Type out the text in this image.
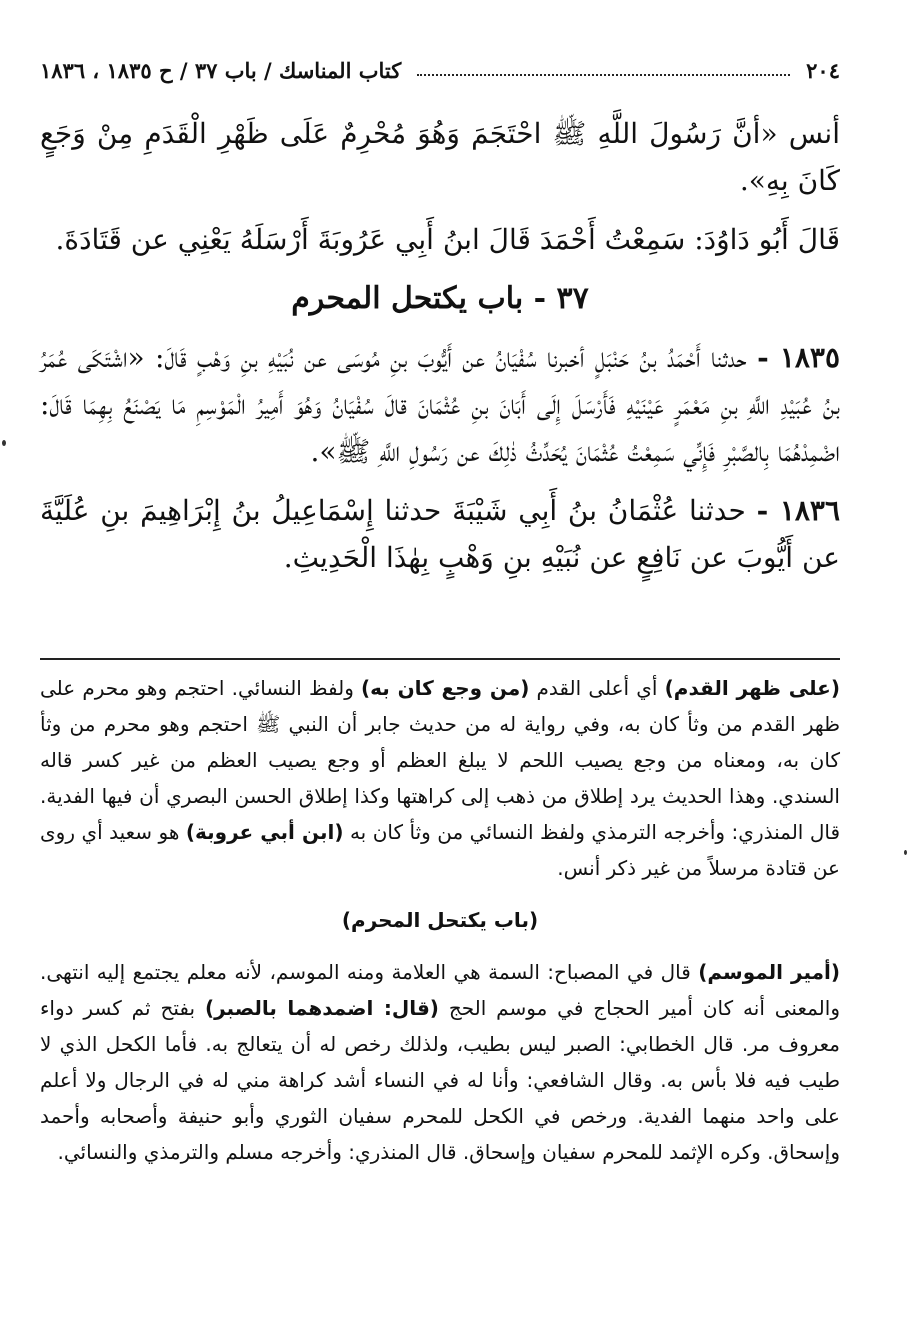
٢٠٤
كتاب المناسك / باب ٣٧ / ح ١٨٣٥ ، ١٨٣٦

أنس «أنَّ رَسُولَ اللَّهِ ﷺ احْتَجَمَ وَهُوَ مُحْرِمٌ عَلَى ظَهْرِ الْقَدَمِ مِنْ وَجَعٍ كَانَ بِهِ».

قَالَ أَبُو دَاوُدَ: سَمِعْتُ أَحْمَدَ قَالَ ابنُ أَبِي عَرُوبَةَ أَرْسَلَهُ يَعْنِي عن قَتَادَةَ.

٣٧ - باب يكتحل المحرم

١٨٣٥ - حدثنا أَحْمَدُ بنُ حَنْبَلٍ أخبرنا سُفْيَانُ عن أَيُّوبَ بنِ مُوسَى عن نُبَيْهِ بنِ وَهْبٍ قَالَ: «اشْتَكَى عُمَرُ بنُ عُبَيْدِ اللَّهِ بنِ مَعْمَرٍ عَيْنَيْهِ فَأَرْسَلَ إِلَى أَبَانَ بنِ عُثْمَانَ قالَ سُفْيَانُ وَهُوَ أَمِيرُ الْمَوْسِمِ مَا يَصْنَعُ بِهِمَا قَالَ: اضْمِدْهُمَا بِالصَّبْرِ فَإِنِّي سَمِعْتُ عُثْمَانَ يُحَدِّثُ ذٰلِكَ عن رَسُولِ اللَّهِ ﷺ».

١٨٣٦ - حدثنا عُثْمَانُ بنُ أَبِي شَيْبَةَ حدثنا إِسْمَاعِيلُ بنُ إِبْرَاهِيمَ بنِ عُلَيَّةَ عن أَيُّوبَ عن نَافِعٍ عن نُبَيْهِ بنِ وَهْبٍ بِهٰذَا الْحَدِيثِ.

(على ظهر القدم) أي أعلى القدم (من وجع كان به) ولفظ النسائي. احتجم وهو محرم على ظهر القدم من وثأ كان به، وفي رواية له من حديث جابر أن النبي ﷺ احتجم وهو محرم من وثأ كان به، ومعناه من وجع يصيب اللحم لا يبلغ العظم أو وجع يصيب العظم من غير كسر قاله السندي. وهذا الحديث يرد إطلاق من ذهب إلى كراهتها وكذا إطلاق الحسن البصري أن فيها الفدية. قال المنذري: وأخرجه الترمذي ولفظ النسائي من وثأ كان به (ابن أبي عروبة) هو سعيد أي روى عن قتادة مرسلاً من غير ذكر أنس.

(باب يكتحل المحرم)

(أمير الموسم) قال في المصباح: السمة هي العلامة ومنه الموسم، لأنه معلم يجتمع إليه انتهى. والمعنى أنه كان أمير الحجاج في موسم الحج (قال: اضمدهما بالصبر) بفتح ثم كسر دواء معروف مر. قال الخطابي: الصبر ليس بطيب، ولذلك رخص له أن يتعالج به. فأما الكحل الذي لا طيب فيه فلا بأس به. وقال الشافعي: وأنا له في النساء أشد كراهة مني له في الرجال ولا أعلم على واحد منهما الفدية. ورخص في الكحل للمحرم سفيان الثوري وأبو حنيفة وأصحابه وأحمد وإسحاق. وكره الإثمد للمحرم سفيان وإسحاق. قال المنذري: وأخرجه مسلم والترمذي والنسائي.
